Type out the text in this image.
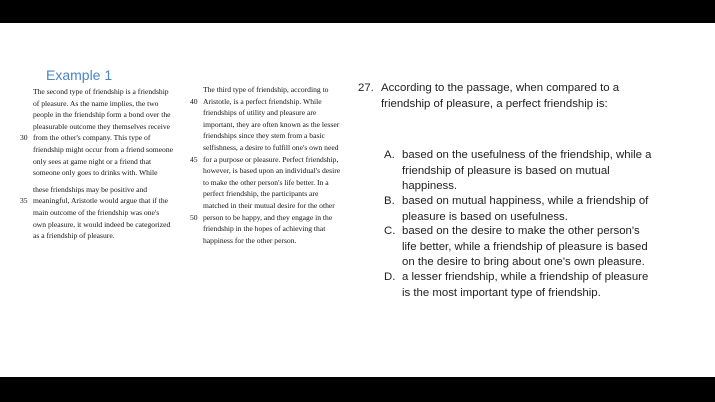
Example 1
The second type of friendship is a friendship
of pleasure. As the name implies, the two
people in the friendship form a bond over the
pleasurable outcome they themselves receive
30 from the other's company. This type of
friendship might occur from a friend someone
only sees at game night or a friend that
someone only goes to drinks with. While
these friendships may be positive and
35 meaningful, Aristotle would argue that if the
main outcome of the friendship was one's
own pleasure, it would indeed be categorized
as a friendship of pleasure.
The third type of friendship, according to
40 Aristotle, is a perfect friendship. While
friendships of utility and pleasure are
important, they are often known as the lesser
friendships since they stem from a basic
selfishness, a desire to fulfill one's own need
45 for a purpose or pleasure. Perfect friendship,
however, is based upon an individual's desire
to make the other person's life better. In a
perfect friendship, the participants are
matched in their mutual desire for the other
50 person to be happy, and they engage in the
friendship in the hopes of achieving that
happiness for the other person.
27. According to the passage, when compared to a
friendship of pleasure, a perfect friendship is:
A. based on the usefulness of the friendship, while a
friendship of pleasure is based on mutual
happiness.
B. based on mutual happiness, while a friendship of
pleasure is based on usefulness.
C. based on the desire to make the other person's
life better, while a friendship of pleasure is based
on the desire to bring about one's own pleasure.
D. a lesser friendship, while a friendship of pleasure
is the most important type of friendship.
